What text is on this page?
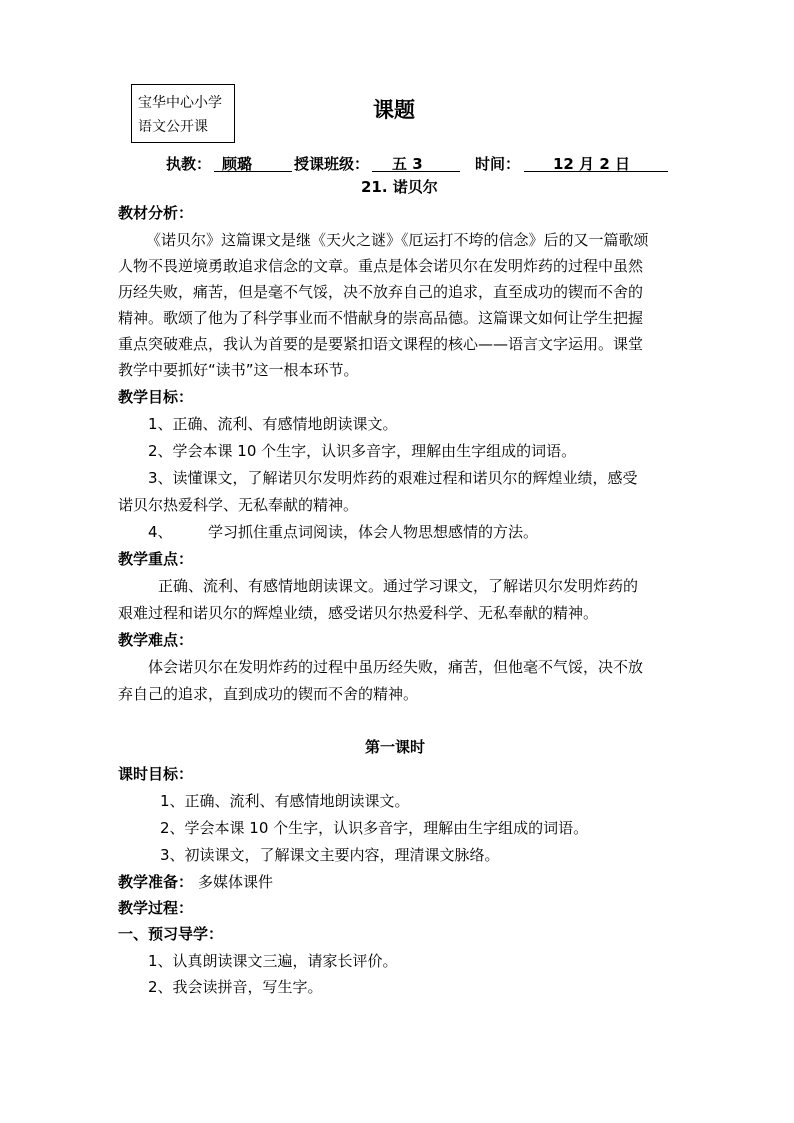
宝华中心小学
语文公开课
课题
执教： 顾璐	授课班级： 五 3	时间： 12 月 2 日
21. 诺贝尔
教材分析：
《诺贝尔》这篇课文是继《天火之谜》《厄运打不垮的信念》后的又一篇歌颂
人物不畏逆境勇敢追求信念的文章。重点是体会诺贝尔在发明炸药的过程中虽然
历经失败，痛苦，但是毫不气馁，决不放弃自己的追求，直至成功的锲而不舍的
精神。歌颂了他为了科学事业而不惜献身的崇高品德。这篇课文如何让学生把握
重点突破难点，我认为首要的是要紧扣语文课程的核心——语言文字运用。课堂
教学中要抓好“读书”这一根本环节。
教学目标：
1、正确、流利、有感情地朗读课文。
2、学会本课 10 个生字，认识多音字，理解由生字组成的词语。
3、读懂课文，了解诺贝尔发明炸药的艰难过程和诺贝尔的辉煌业绩，感受
诺贝尔热爱科学、无私奉献的精神。
4、 学习抓住重点词阅读，体会人物思想感情的方法。
教学重点：
正确、流利、有感情地朗读课文。通过学习课文，了解诺贝尔发明炸药的
艰难过程和诺贝尔的辉煌业绩，感受诺贝尔热爱科学、无私奉献的精神。
教学难点：
体会诺贝尔在发明炸药的过程中虽历经失败，痛苦，但他毫不气馁，决不放
弃自己的追求，直到成功的锲而不舍的精神。
第一课时
课时目标：
1、正确、流利、有感情地朗读课文。
2、学会本课 10 个生字，认识多音字，理解由生字组成的词语。
3、初读课文，了解课文主要内容，理清课文脉络。
教学准备： 多媒体课件
教学过程：
一、预习导学：
1、认真朗读课文三遍，请家长评价。
2、我会读拼音，写生字。
